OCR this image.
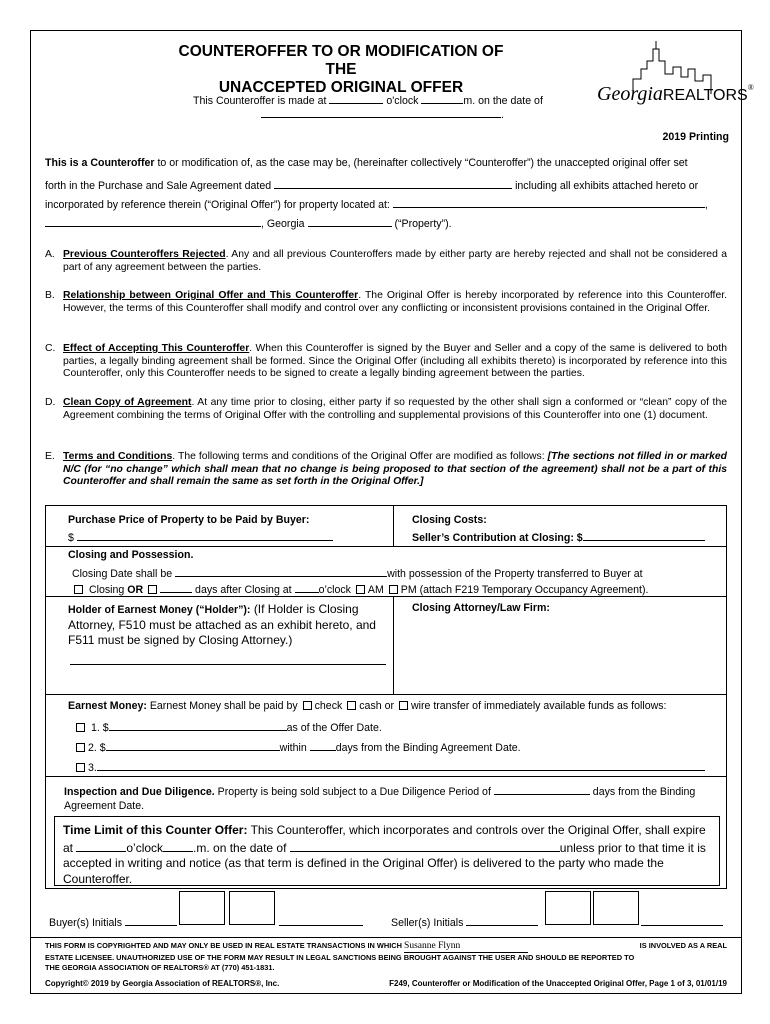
COUNTEROFFER TO OR MODIFICATION OF THE
UNACCEPTED ORIGINAL OFFER
This Counteroffer is made at	o'clock	m. on the date of
.
GeorgiaREALTORS®
2019 Printing
This is a Counteroffer to or modification of, as the case may be, (hereinafter collectively “Counteroffer”) the unaccepted original offer set
forth in the Purchase and Sale Agreement dated	including all exhibits attached hereto or
incorporated by reference therein (“Original Offer”) for property located at:	,
, Georgia	(“Property”).
A. Previous Counteroffers Rejected. Any and all previous Counteroffers made by either party are hereby rejected and shall not be considered a part of any agreement between the parties.
B. Relationship between Original Offer and This Counteroffer. The Original Offer is hereby incorporated by reference into this Counteroffer. However, the terms of this Counteroffer shall modify and control over any conflicting or inconsistent provisions contained in the Original Offer.
C. Effect of Accepting This Counteroffer. When this Counteroffer is signed by the Buyer and Seller and a copy of the same is delivered to both parties, a legally binding agreement shall be formed. Since the Original Offer (including all exhibits thereto) is incorporated by reference into this Counteroffer, only this Counteroffer needs to be signed to create a legally binding agreement between the parties.
D. Clean Copy of Agreement. At any time prior to closing, either party if so requested by the other shall sign a conformed or “clean” copy of the Agreement combining the terms of Original Offer with the controlling and supplemental provisions of this Counteroffer into one (1) document.
E. Terms and Conditions. The following terms and conditions of the Original Offer are modified as follows: [The sections not filled in or marked N/C (for “no change” which shall mean that no change is being proposed to that section of the agreement) shall not be a part of this Counteroffer and shall remain the same as set forth in the Original Offer.]
Purchase Price of Property to be Paid by Buyer:
$
Closing Costs:
Seller’s Contribution at Closing: $
Closing and Possession.
Closing Date shall be	with possession of the Property transferred to Buyer at
Closing OR	days after Closing at	o’clock AM PM (attach F219 Temporary Occupancy Agreement).
Holder of Earnest Money (“Holder”): (If Holder is Closing Attorney, F510 must be attached as an exhibit hereto, and F511 must be signed by Closing Attorney.)
Closing Attorney/Law Firm:
Earnest Money: Earnest Money shall be paid by check cash or wire transfer of immediately available funds as follows:
1. $	as of the Offer Date.
2. $	within	days from the Binding Agreement Date.
3.
Inspection and Due Diligence. Property is being sold subject to a Due Diligence Period of	days from the Binding
Agreement Date.
Time Limit of this Counter Offer: This Counteroffer, which incorporates and controls over the Original Offer, shall expire
at	o’clock	.m. on the date of	unless prior to that time it is
accepted in writing and notice (as that term is defined in the Original Offer) is delivered to the party who made the
Counteroffer.
Buyer(s) Initials	Seller(s) Initials
THIS FORM IS COPYRIGHTED AND MAY ONLY BE USED IN REAL ESTATE TRANSACTIONS IN WHICH Susanne Flynn	IS INVOLVED AS A REAL
ESTATE LICENSEE. UNAUTHORIZED USE OF THE FORM MAY RESULT IN LEGAL SANCTIONS BEING BROUGHT AGAINST THE USER AND SHOULD BE REPORTED TO
THE GEORGIA ASSOCIATION OF REALTORS® AT (770) 451-1831.
Copyright© 2019 by Georgia Association of REALTORS®, Inc.	F249, Counteroffer or Modification of the Unaccepted Original Offer, Page 1 of 3, 01/01/19
